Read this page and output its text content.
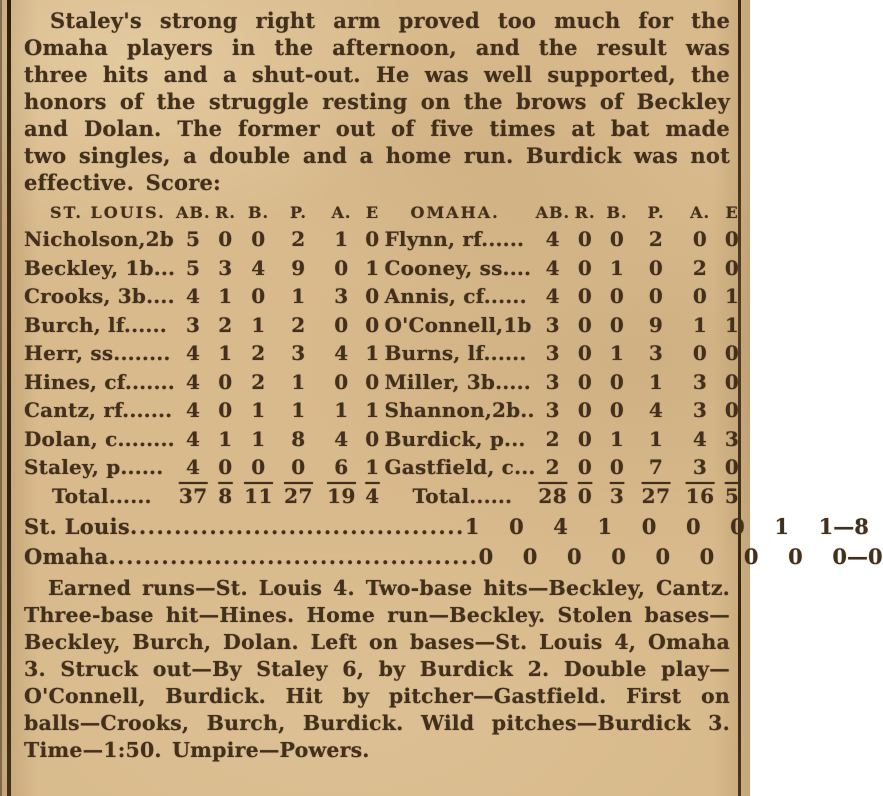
Staley's strong right arm proved too much for the Omaha players in the afternoon, and the result was three hits and a shut-out. He was well supported, the honors of the struggle resting on the brows of Beckley and Dolan. The former out of five times at bat made two singles, a double and a home run. Burdick was not effective. Score:

ST. LOUIS.	AB.	R.	B.	P.	A.	E
Nicholson,2b	5	0	0	2	1	0
Beckley, 1b...	5	3	4	9	0	1
Crooks, 3b....	4	1	0	1	3	0
Burch, lf......	3	2	1	2	0	0
Herr, ss........	4	1	2	3	4	1
Hines, cf.......	4	0	2	1	0	0
Cantz, rf.......	4	0	1	1	1	1
Dolan, c........	4	1	1	8	4	0
Staley, p......	4	0	0	0	6	1
Total......	37	8	11	27	19	4
OMAHA.	AB.	R.	B.	P.	A.	E
Flynn, rf......	4	0	0	2	0	0
Cooney, ss....	4	0	1	0	2	0
Annis, cf......	4	0	0	0	0	1
O'Connell,1b	3	0	0	9	1	1
Burns, lf......	3	0	1	3	0	0
Miller, 3b.....	3	0	0	1	3	0
Shannon,2b..	3	0	0	4	3	0
Burdick, p...	2	0	1	1	4	3
Gastfield, c...	2	0	0	7	3	0
Total......	28	0	3	27	16	5
St. Louis ...................................... 1 0 4 1 0 0 0 1 1—8
Omaha .......................................... 0 0 0 0 0 0 0 0 0—0

Earned runs—St. Louis 4. Two-base hits—Beckley, Cantz. Three-base hit—Hines. Home run—Beckley. Stolen bases—Beckley, Burch, Dolan. Left on bases—St. Louis 4, Omaha 3. Struck out—By Staley 6, by Burdick 2. Double play—O'Connell, Burdick. Hit by pitcher—Gastfield. First on balls—Crooks, Burch, Burdick. Wild pitches—Burdick 3. Time—1:50. Umpire—Powers.
